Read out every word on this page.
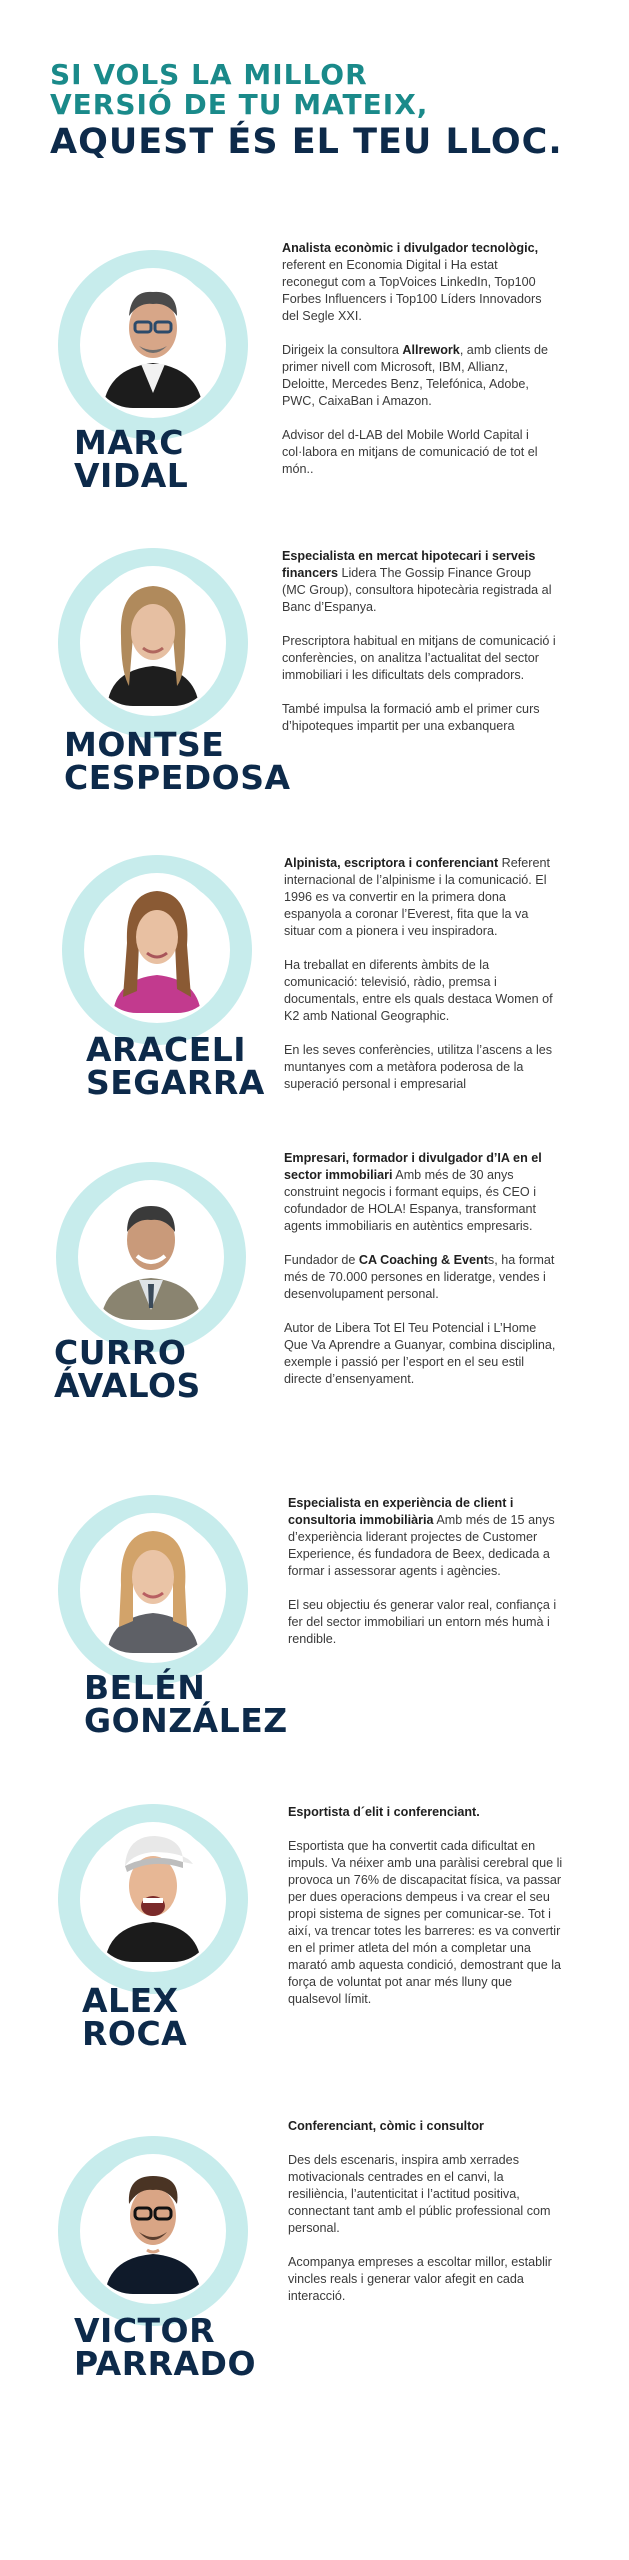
SI VOLS LA MILLOR
VERSIÓ DE TU MATEIX,
AQUEST ÉS EL TEU LLOC.
MARC
VIDAL

Analista econòmic i divulgador tecnològic, referent en Economia Digital i Ha estat reconegut com a TopVoices LinkedIn, Top100 Forbes Influencers i Top100 Líders Innovadors del Segle XXI.

Dirigeix la consultora Allrework, amb clients de primer nivell com Microsoft, IBM, Allianz, Deloitte, Mercedes Benz, Telefónica, Adobe, PWC, CaixaBan i Amazon.

Advisor del d-LAB del Mobile World Capital i col·labora en mitjans de comunicació de tot el món..

MONTSE
CESPEDOSA

Especialista en mercat hipotecari i serveis financers Lidera The Gossip Finance Group (MC Group), consultora hipotecària registrada al Banc d’Espanya.

Prescriptora habitual en mitjans de comunicació i conferències, on analitza l’actualitat del sector immobiliari i les dificultats dels compradors.

També impulsa la formació amb el primer curs d’hipoteques impartit per una exbanquera

ARACELI
SEGARRA

Alpinista, escriptora i conferenciant Referent internacional de l’alpinisme i la comunicació. El 1996 es va convertir en la primera dona espanyola a coronar l’Everest, fita que la va situar com a pionera i veu inspiradora.

Ha treballat en diferents àmbits de la comunicació: televisió, ràdio, premsa i documentals, entre els quals destaca Women of K2 amb National Geographic.

En les seves conferències, utilitza l’ascens a les muntanyes com a metàfora poderosa de la superació personal i empresarial

CURRO
ÁVALOS

Empresari, formador i divulgador d’IA en el sector immobiliari Amb més de 30 anys construint negocis i formant equips, és CEO i cofundador de HOLA! Espanya, transformant agents immobiliaris en autèntics empresaris.

Fundador de CA Coaching & Events, ha format més de 70.000 persones en lideratge, vendes i desenvolupament personal.

Autor de Libera Tot El Teu Potencial i L’Home Que Va Aprendre a Guanyar, combina disciplina, exemple i passió per l’esport en el seu estil directe d’ensenyament.

BELÉN
GONZÁLEZ

Especialista en experiència de client i consultoria immobiliària Amb més de 15 anys d’experiència liderant projectes de Customer Experience, és fundadora de Beex, dedicada a formar i assessorar agents i agències.

El seu objectiu és generar valor real, confiança i fer del sector immobiliari un entorn més humà i rendible.

ALEX
ROCA

Esportista d´elit i conferenciant.

Esportista que ha convertit cada dificultat en impuls. Va néixer amb una paràlisi cerebral que li provoca un 76% de discapacitat física, va passar per dues operacions dempeus i va crear el seu propi sistema de signes per comunicar-se. Tot i així, va trencar totes les barreres: es va convertir en el primer atleta del món a completar una marató amb aquesta condició, demostrant que la força de voluntat pot anar més lluny que qualsevol límit.

VICTOR
PARRADO

Conferenciant, còmic i consultor

Des dels escenaris, inspira amb xerrades motivacionals centrades en el canvi, la resiliència, l’autenticitat i l’actitud positiva, connectant tant amb el públic professional com personal.

Acompanya empreses a escoltar millor, establir vincles reals i generar valor afegit en cada interacció.
